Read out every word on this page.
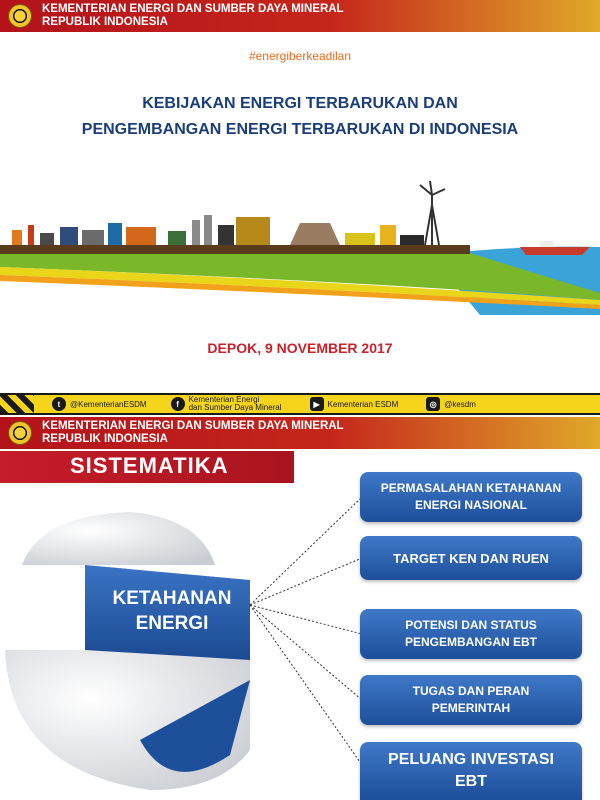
KEMENTERIAN ENERGI DAN SUMBER DAYA MINERAL
REPUBLIK INDONESIA
#energiberkeadilan
KEBIJAKAN ENERGI TERBARUKAN DAN
PENGEMBANGAN ENERGI TERBARUKAN DI INDONESIA
DEPOK, 9 NOVEMBER 2017
t	@KementerianESDM	f	Kementerian Energi
dan Sumber Daya Mineral	▶ Kementerian ESDM	◎ @kesdm
KEMENTERIAN ENERGI DAN SUMBER DAYA MINERAL
REPUBLIK INDONESIA
SISTEMATIKA
KETAHANAN
ENERGI
PERMASALAHAN KETAHANAN
ENERGI NASIONAL
TARGET KEN DAN RUEN
POTENSI DAN STATUS
PENGEMBANGAN EBT
TUGAS DAN PERAN
PEMERINTAH
PELUANG INVESTASI
EBT
